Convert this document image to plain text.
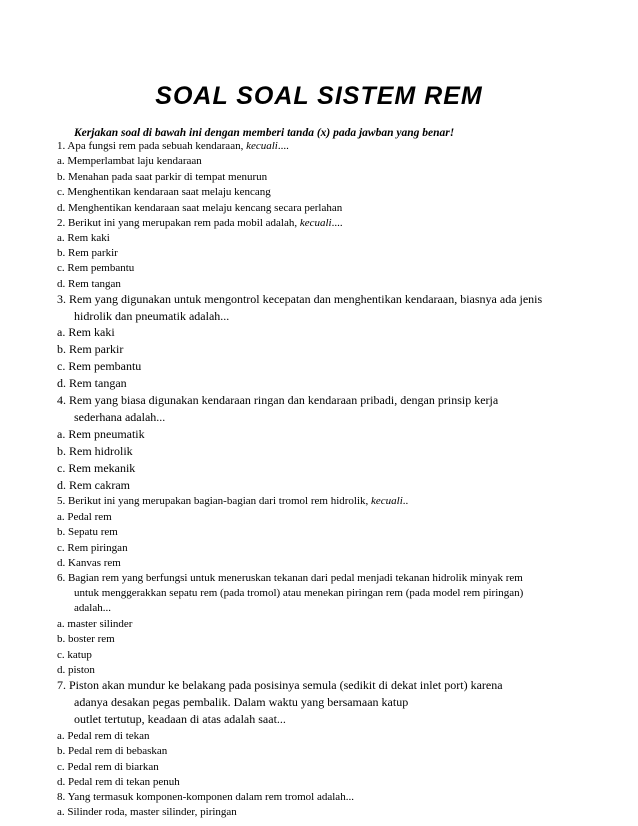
SOAL SOAL SISTEM REM
Kerjakan soal di bawah ini dengan memberi tanda (x) pada jawban yang benar!
1. Apa fungsi rem pada sebuah kendaraan, kecuali....
a. Memperlambat laju kendaraan
b. Menahan pada saat parkir di tempat menurun
c. Menghentikan kendaraan saat melaju kencang
d. Menghentikan kendaraan saat melaju kencang secara perlahan
2. Berikut ini yang merupakan rem pada mobil adalah, kecuali....
a. Rem kaki
b. Rem parkir
c. Rem pembantu
d. Rem tangan
3. Rem yang digunakan untuk mengontrol kecepatan dan menghentikan kendaraan, biasnya ada jenis
hidrolik dan pneumatik adalah...
a. Rem kaki
b. Rem parkir
c. Rem pembantu
d. Rem tangan
4. Rem yang biasa digunakan kendaraan ringan dan kendaraan pribadi, dengan prinsip kerja
sederhana adalah...
a. Rem pneumatik
b. Rem hidrolik
c. Rem mekanik
d. Rem cakram
5. Berikut ini yang merupakan bagian-bagian dari tromol rem hidrolik, kecuali..
a. Pedal rem
b. Sepatu rem
c. Rem piringan
d. Kanvas rem
6. Bagian rem yang berfungsi untuk meneruskan tekanan dari pedal menjadi tekanan hidrolik minyak rem
untuk menggerakkan sepatu rem (pada tromol) atau menekan piringan rem (pada model rem piringan)
adalah...
a. master silinder
b. boster rem
c. katup
d. piston
7. Piston akan mundur ke belakang pada posisinya semula (sedikit di dekat inlet port) karena
adanya desakan pegas pembalik. Dalam waktu yang bersamaan katup
outlet tertutup, keadaan di atas adalah saat...
a. Pedal rem di tekan
b. Pedal rem di bebaskan
c. Pedal rem di biarkan
d. Pedal rem di tekan penuh
8. Yang termasuk komponen-komponen dalam rem tromol adalah...
a. Silinder roda, master silinder, piringan
